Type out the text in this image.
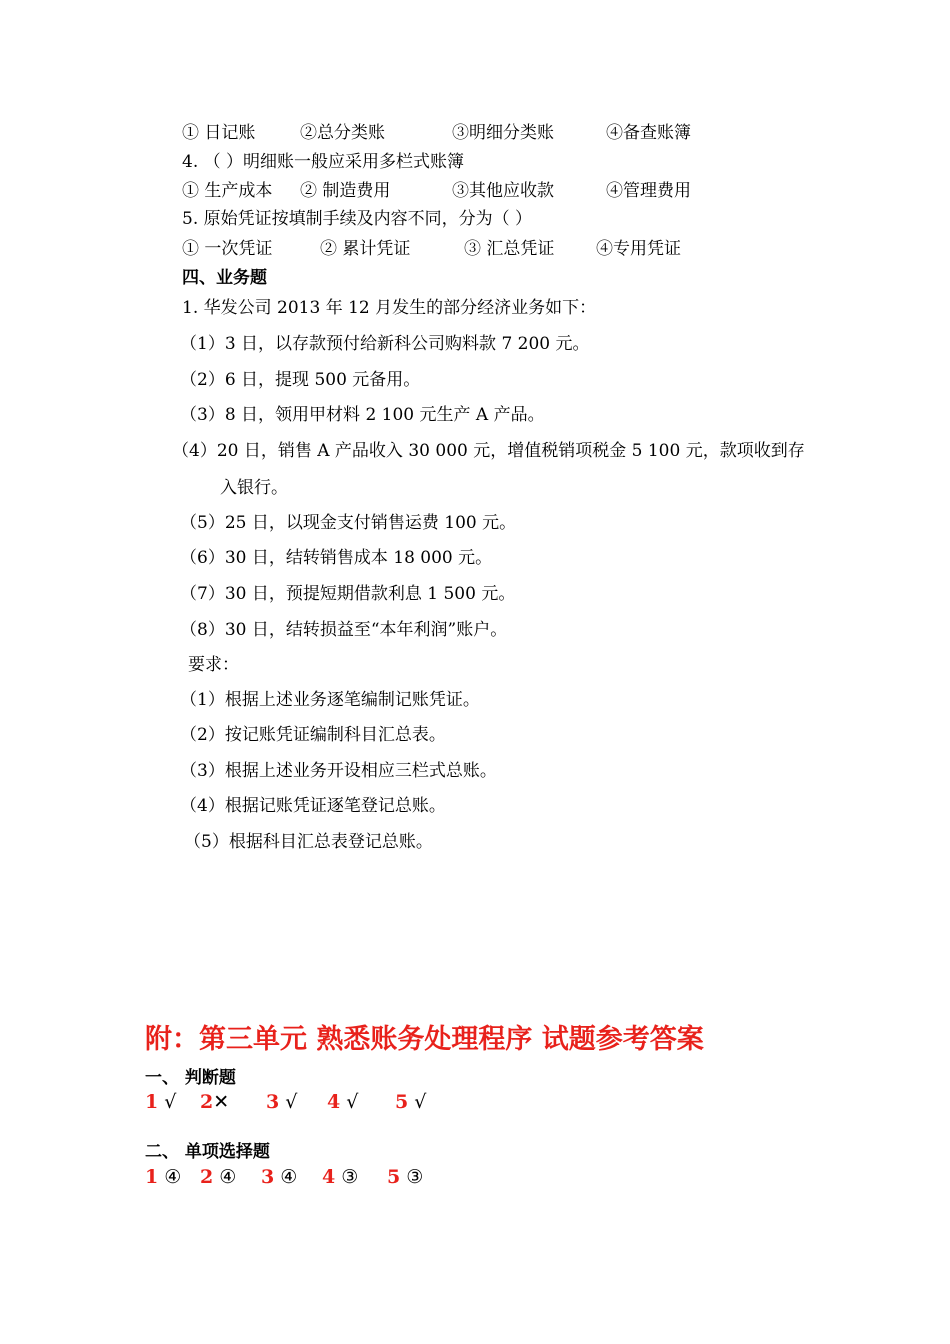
① 日记账	②总分类账	③明细分类账	④备查账簿
4. （ ）明细账一般应采用多栏式账簿
① 生产成本 ② 制造费用	③其他应收款	④管理费用
5. 原始凭证按填制手续及内容不同，分为（ ）
① 一次凭证	② 累计凭证	③ 汇总凭证 ④专用凭证
四、业务题
1. 华发公司 2013 年 12 月发生的部分经济业务如下：
（1）3 日，以存款预付给新科公司购料款 7 200 元。
（2）6 日，提现 500 元备用。
（3）8 日，领用甲材料 2 100 元生产 A 产品。
（4）20 日，销售 A 产品收入 30 000 元，增值税销项税金 5 100 元，款项收到存
入银行。
（5）25 日，以现金支付销售运费 100 元。
（6）30 日，结转销售成本 18 000 元。
（7）30 日，预提短期借款利息 1 500 元。
（8）30 日，结转损益至“本年利润”账户。
要求：
（1）根据上述业务逐笔编制记账凭证。
（2）按记账凭证编制科目汇总表。
（3）根据上述业务开设相应三栏式总账。
（4）根据记账凭证逐笔登记总账。
（5）根据科目汇总表登记总账。
附：第三单元 熟悉账务处理程序 试题参考答案
一、 判断题
1 √ 2✕ 3 √ 4 √ 5 √
二、 单项选择题
1 ④ 2 ④ 3 ④ 4 ③ 5 ③
